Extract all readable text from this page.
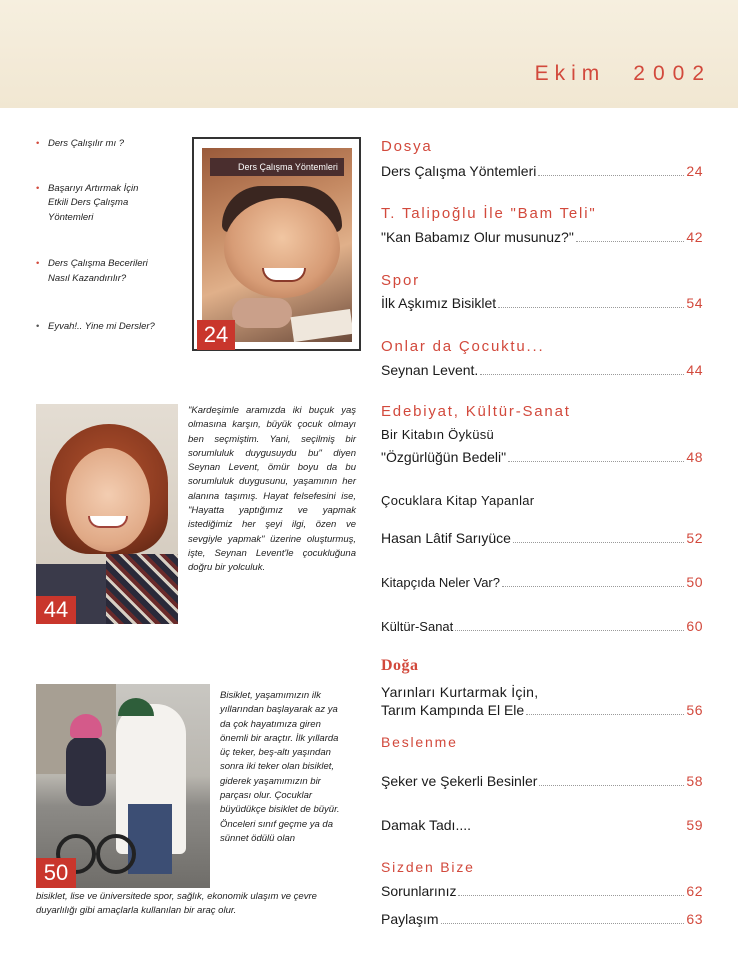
Ekim 2002
• Ders Çalışılır mı ?
• Başarıyı Artırmak İçin Etkili Ders Çalışma Yöntemleri
• Ders Çalışma Becerileri Nasıl Kazandırılır?
• Eyvah!.. Yine mi Dersler?
Ders Çalışma Yöntemleri
24
44
"Kardeşimle aramızda iki buçuk yaş olmasına karşın, büyük çocuk olmayı ben seçmiştim. Yani, seçilmiş bir sorumluluk duygusuydu bu" diyen Seynan Levent, ömür boyu da bu sorumluluk duygusunu, yaşamının her alanına taşımış. Hayat felsefesini ise, "Hayatta yaptığımız ve yapmak istediğimiz her şeyi ilgi, özen ve sevgiyle yapmak" üzerine oluşturmuş, işte, Seynan Levent'le çocukluğuna doğru bir yolculuk.
50
Bisiklet, yaşamımızın ilk yıllarından başlayarak az ya da çok hayatımıza giren önemli bir araçtır. İlk yıllarda üç teker, beş-altı yaşından sonra iki teker olan bisiklet, giderek yaşamımızın bir parçası olur. Çocuklar büyüdükçe bisiklet de büyür. Önceleri sınıf geçme ya da sünnet ödülü olan
bisiklet, lise ve üniversitede spor, sağlık, ekonomik ulaşım ve çevre duyarlılığı gibi amaçlarla kullanılan bir araç olur.
Dosya
Ders Çalışma Yöntemleri	24
T. Talipoğlu İle "Bam Teli"
"Kan Babamız Olur musunuz?"	42
Spor
İlk Aşkımız Bisiklet	54
Onlar da Çocuktu...
Seynan Levent.	44
Edebiyat, Kültür-Sanat
Bir Kitabın Öyküsü
"Özgürlüğün Bedeli"	48
Çocuklara Kitap Yapanlar
Hasan Lâtif Sarıyüce	52
Kitapçıda Neler Var?	50
Kültür-Sanat	60
Doğa
Yarınları Kurtarmak İçin,
Tarım Kampında El Ele	56
Beslenme
Şeker ve Şekerli Besinler	58
Damak Tadı....	59
Sizden Bize
Sorunlarınız	62
Paylaşım	63
